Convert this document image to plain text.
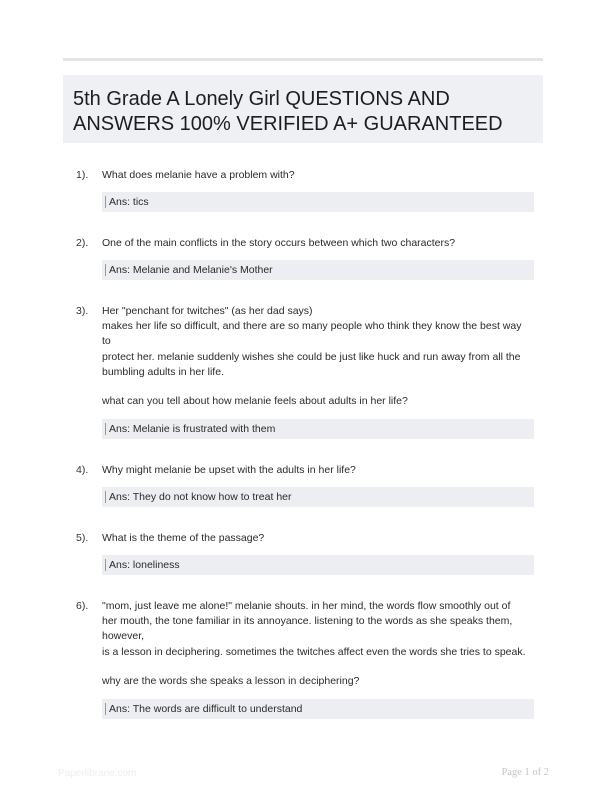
5th Grade A Lonely Girl QUESTIONS AND ANSWERS 100% VERIFIED A+ GUARANTEED
1). What does melanie have a problem with?

Ans: tics
2). One of the main conflicts in the story occurs between which two characters?

Ans: Melanie and Melanie's Mother
3). Her "penchant for twitches" (as her dad says)

makes her life so difficult, and there are so many people who think they know the best way

to

protect her. melanie suddenly wishes she could be just like huck and run away from all the

bumbling adults in her life.

what can you tell about how melanie feels about adults in her life?

Ans: Melanie is frustrated with them
4). Why might melanie be upset with the adults in her life?

Ans: They do not know how to treat her
5). What is the theme of the passage?

Ans: loneliness
6). "mom, just leave me alone!" melanie shouts. in her mind, the words flow smoothly out of

her mouth, the tone familiar in its annoyance. listening to the words as she speaks them,

however,

is a lesson in deciphering. sometimes the twitches affect even the words she tries to speak.

why are the words she speaks a lesson in deciphering?

Ans: The words are difficult to understand
Paperlibrarie.com	Page 1 of 2
